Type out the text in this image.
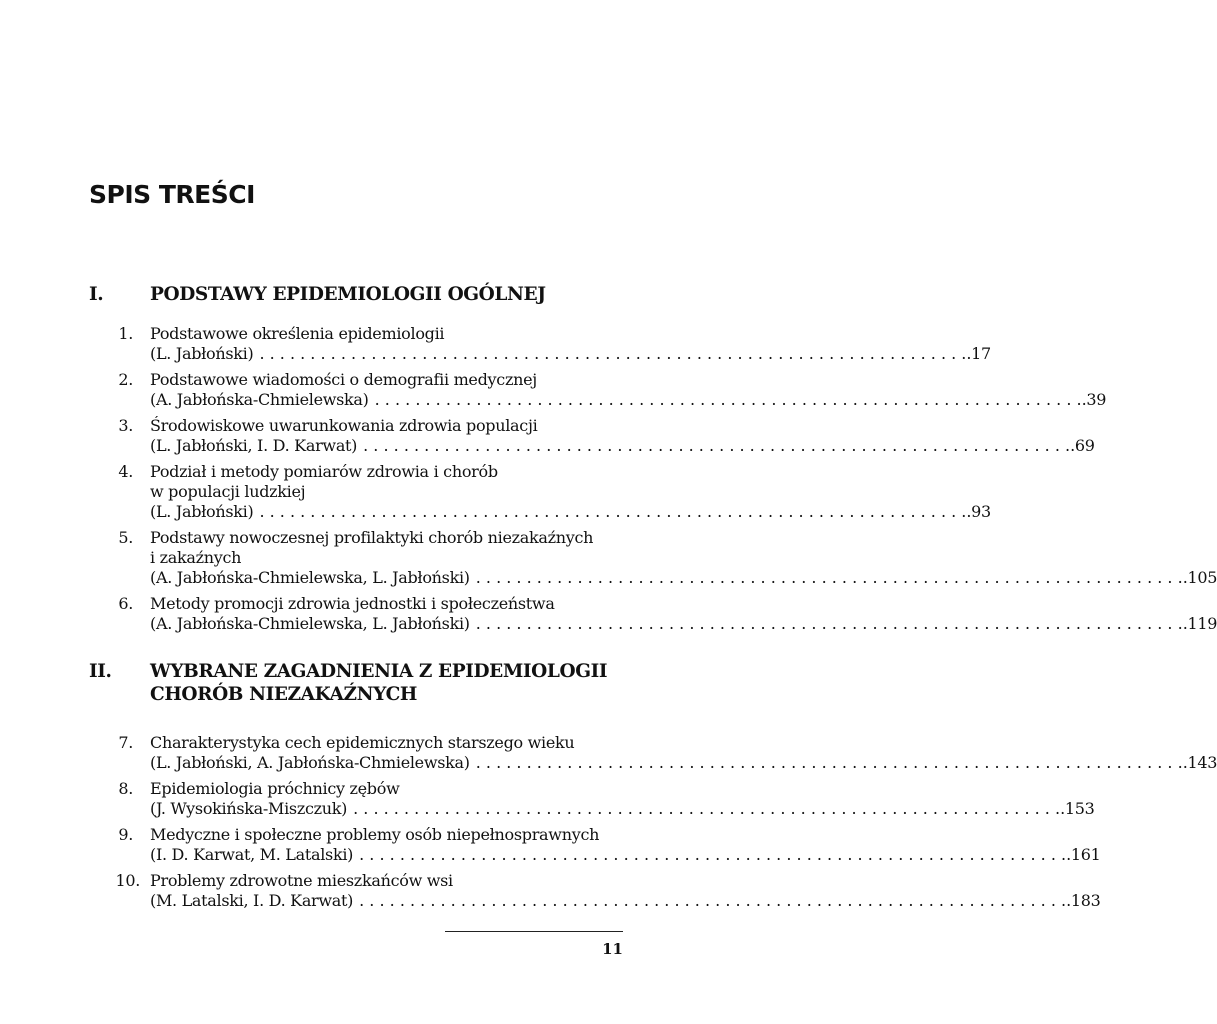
SPIS TREŚCI
I.	PODSTAWY EPIDEMIOLOGII OGÓLNEJ
1.	Podstawowe określenia epidemiologii
(L. Jabłoński) . . .	.17
2.	Podstawowe wiadomości o demografii medycznej
(A. Jabłońska-Chmielewska) . . .	.39
3.	Środowiskowe uwarunkowania zdrowia populacji
(L. Jabłoński, I. D. Karwat) . . .	.69
4.	Podział i metody pomiarów zdrowia i chorób
w populacji ludzkiej
(L. Jabłoński) . . .	.93
5.	Podstawy nowoczesnej profilaktyki chorób niezakaźnych
i zakaźnych
(A. Jabłońska-Chmielewska, L. Jabłoński) . . .	.105
6.	Metody promocji zdrowia jednostki i społeczeństwa
(A. Jabłońska-Chmielewska, L. Jabłoński) . . .	.119
II.	WYBRANE ZAGADNIENIA Z EPIDEMIOLOGII
CHORÓB NIEZAKAŹNYCH
7.	Charakterystyka cech epidemicznych starszego wieku
(L. Jabłoński, A. Jabłońska-Chmielewska) . . .	.143
8.	Epidemiologia próchnicy zębów
(J. Wysokińska-Miszczuk) . . .	.153
9.	Medyczne i społeczne problemy osób niepełnosprawnych
(I. D. Karwat, M. Latalski) . . .	.161
10. Problemy zdrowotne mieszkańców wsi
(M. Latalski, I. D. Karwat) . . .	.183
11
